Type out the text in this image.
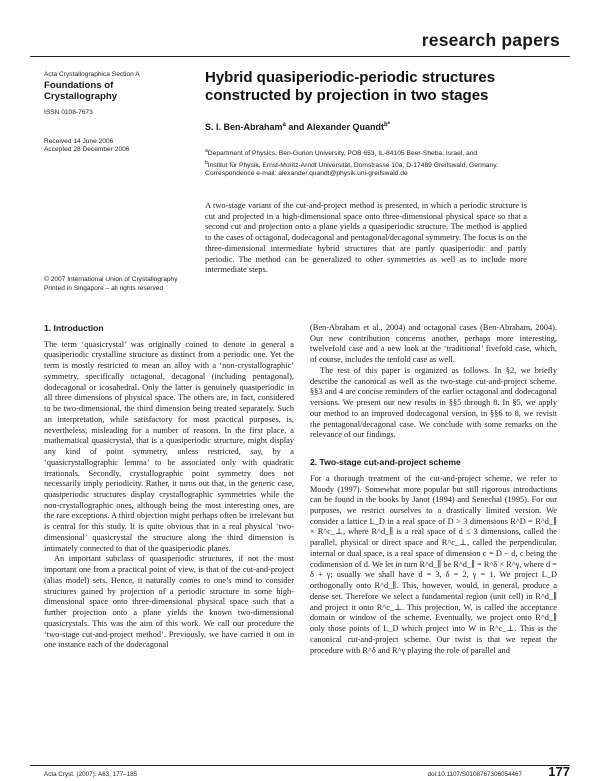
research papers
Acta Crystallographica Section A
Foundations of
Crystallography
ISSN 0108-7673
Received 14 June 2006
Accepted 28 December 2006
© 2007 International Union of Crystallography
Printed in Singapore – all rights reserved
Hybrid quasiperiodic-periodic structures
constructed by projection in two stages
S. I. Ben-Abraham$^a$ and Alexander Quandt$^{b*}$
$^a$Department of Physics, Ben-Gurion University, POB 653, IL-84105 Beer-Sheba, Israel, and
$^b$Institut für Physik, Ernst-Moritz-Arndt Universität, Domstrasse 10a, D-17489 Greifswald, Germany.
Correspondence e-mail: alexander.quandt@physik.uni-greifswald.de
A two-stage variant of the cut-and-project method is presented, in which a periodic structure is cut and projected in a high-dimensional space onto three-dimensional physical space so that a second cut and projection onto a plane yields a quasiperiodic structure. The method is applied to the cases of octagonal, dodecagonal and pentagonal/decagonal symmetry. The focus is on the three-dimensional intermediate hybrid structures that are partly quasiperiodic and partly periodic. The method can be generalized to other symmetries as well as to include more intermediate steps.
1. Introduction

The term ‘quasicrystal’ was originally coined to denote in general a quasiperiodic crystalline structure as distinct from a periodic one. Yet the term is mostly restricted to mean an alloy with a ‘non-crystallographic’ symmetry, specifically octagonal, decagonal (including pentagonal), dodecagonal or icosahedral. Only the latter is genuinely quasiperiodic in all three dimensions of physical space. The others are, in fact, considered to be two-dimensional, the third dimension being treated separately. Such an interpretation, while satisfactory for most practical purposes, is, nevertheless, misleading for a number of reasons. In the first place, a mathematical quasicrystal, that is a quasiperiodic structure, might display any kind of point symmetry, unless restricted, say, by a ‘quasicrystallographic lemma’ to be associated only with quadratic irrationals. Secondly, crystallographic point symmetry does not necessarily imply periodicity. Rather, it turns out that, in the generic case, quasiperiodic structures display crystallographic symmetries while the non-crystallographic ones, although being the most interesting ones, are the rare exceptions. A third objection might perhaps often be irrelevant but is central for this study. It is quite obvious that in a real physical ‘two-dimensional’ quasicrystal the structure along the third dimension is intimately connected to that of the quasiperiodic planes.

An important subclass of quasiperiodic structures, if not the most important one from a practical point of view, is that of the cut-and-project (alias model) sets. Hence, it naturally comes to one’s mind to consider structures gained by projection of a periodic structure in some high-dimensional space onto three-dimensional physical space such that a further projection onto a plane yields the known two-dimensional quasicrystals. This was the aim of this work. We call our procedure the ‘two-stage cut-and-project method’. Previously, we have carried it out in one instance each of the dodecagonal

(Ben-Abraham et al., 2004) and octagonal cases (Ben-Abraham, 2004). Our new contribution concerns another, perhaps more interesting, twelvefold case and a new look at the ‘traditional’ fivefold case, which, of course, includes the tenfold case as well.

The rest of this paper is organized as follows. In §2, we briefly describe the canonical as well as the two-stage cut-and-project scheme. §§3 and 4 are concise reminders of the earlier octagonal and dodecagonal versions. We present our new results in §§5 through 8. In §5, we apply our method to an improved dodecagonal version, in §§6 to 8, we revisit the pentagonal/decagonal case. We conclude with some remarks on the relevance of our findings.

2. Two-stage cut-and-project scheme

For a thorough treatment of the cut-and-project scheme, we refer to Moody (1997). Somewhat more popular but still rigorous introductions can be found in the books by Janot (1994) and Senechal (1995). For our purposes, we restrict ourselves to a drastically limited version. We consider a lattice L_D in a real space of D > 3 dimensions R^D = R^d_∥ × R^c_⊥, where R^d_∥ is a real space of d ≤ 3 dimensions, called the parallel, physical or direct space and R^c_⊥, called the perpendicular, internal or dual space, is a real space of dimension c = D − d, c being the codimension of d. We let in turn R^d_∥ be R^d_∥ = R^δ × R^γ, where d = δ + γ; usually we shall have d = 3, δ = 2, γ = 1. We project L_D orthogonally onto R^d_∥. This, however, would, in general, produce a dense set. Therefore we select a fundamental region (unit cell) in R^d_∥ and project it onto R^c_⊥. This projection, W, is called the acceptance domain or window of the scheme. Eventually, we project onto R^d_∥ only those points of L_D which project into W in R^c_⊥. This is the canonical cut-and-project scheme. Our twist is that we repeat the procedure with R^δ and R^γ playing the role of parallel and

Acta Cryst. (2007). A63, 177–185	doi:10.1107/S0108767306054467 177
